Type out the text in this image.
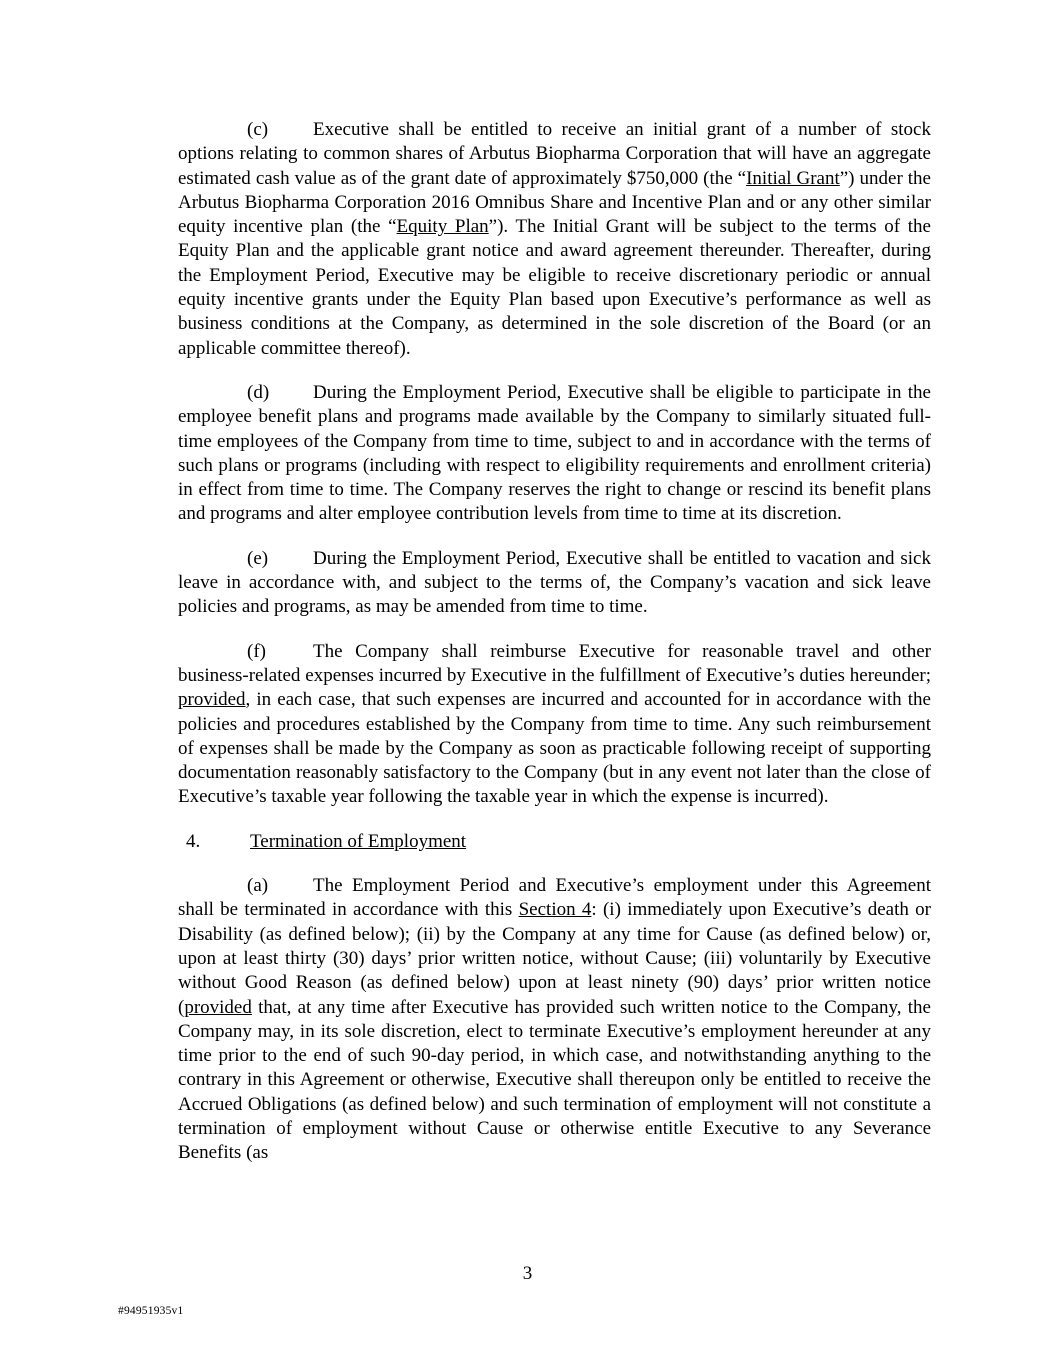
(c) Executive shall be entitled to receive an initial grant of a number of stock options relating to common shares of Arbutus Biopharma Corporation that will have an aggregate estimated cash value as of the grant date of approximately $750,000 (the “Initial Grant”) under the Arbutus Biopharma Corporation 2016 Omnibus Share and Incentive Plan and or any other similar equity incentive plan (the “Equity Plan”). The Initial Grant will be subject to the terms of the Equity Plan and the applicable grant notice and award agreement thereunder. Thereafter, during the Employment Period, Executive may be eligible to receive discretionary periodic or annual equity incentive grants under the Equity Plan based upon Executive’s performance as well as business conditions at the Company, as determined in the sole discretion of the Board (or an applicable committee thereof).

(d) During the Employment Period, Executive shall be eligible to participate in the employee benefit plans and programs made available by the Company to similarly situated full-time employees of the Company from time to time, subject to and in accordance with the terms of such plans or programs (including with respect to eligibility requirements and enrollment criteria) in effect from time to time. The Company reserves the right to change or rescind its benefit plans and programs and alter employee contribution levels from time to time at its discretion.

(e) During the Employment Period, Executive shall be entitled to vacation and sick leave in accordance with, and subject to the terms of, the Company’s vacation and sick leave policies and programs, as may be amended from time to time.

(f) The Company shall reimburse Executive for reasonable travel and other business-related expenses incurred by Executive in the fulfillment of Executive’s duties hereunder; provided, in each case, that such expenses are incurred and accounted for in accordance with the policies and procedures established by the Company from time to time. Any such reimbursement of expenses shall be made by the Company as soon as practicable following receipt of supporting documentation reasonably satisfactory to the Company (but in any event not later than the close of Executive’s taxable year following the taxable year in which the expense is incurred).

4.	Termination of Employment

(a) The Employment Period and Executive’s employment under this Agreement shall be terminated in accordance with this Section 4: (i) immediately upon Executive’s death or Disability (as defined below); (ii) by the Company at any time for Cause (as defined below) or, upon at least thirty (30) days’ prior written notice, without Cause; (iii) voluntarily by Executive without Good Reason (as defined below) upon at least ninety (90) days’ prior written notice (provided that, at any time after Executive has provided such written notice to the Company, the Company may, in its sole discretion, elect to terminate Executive’s employment hereunder at any time prior to the end of such 90-day period, in which case, and notwithstanding anything to the contrary in this Agreement or otherwise, Executive shall thereupon only be entitled to receive the Accrued Obligations (as defined below) and such termination of employment will not constitute a termination of employment without Cause or otherwise entitle Executive to any Severance Benefits (as

3
#94951935v1
